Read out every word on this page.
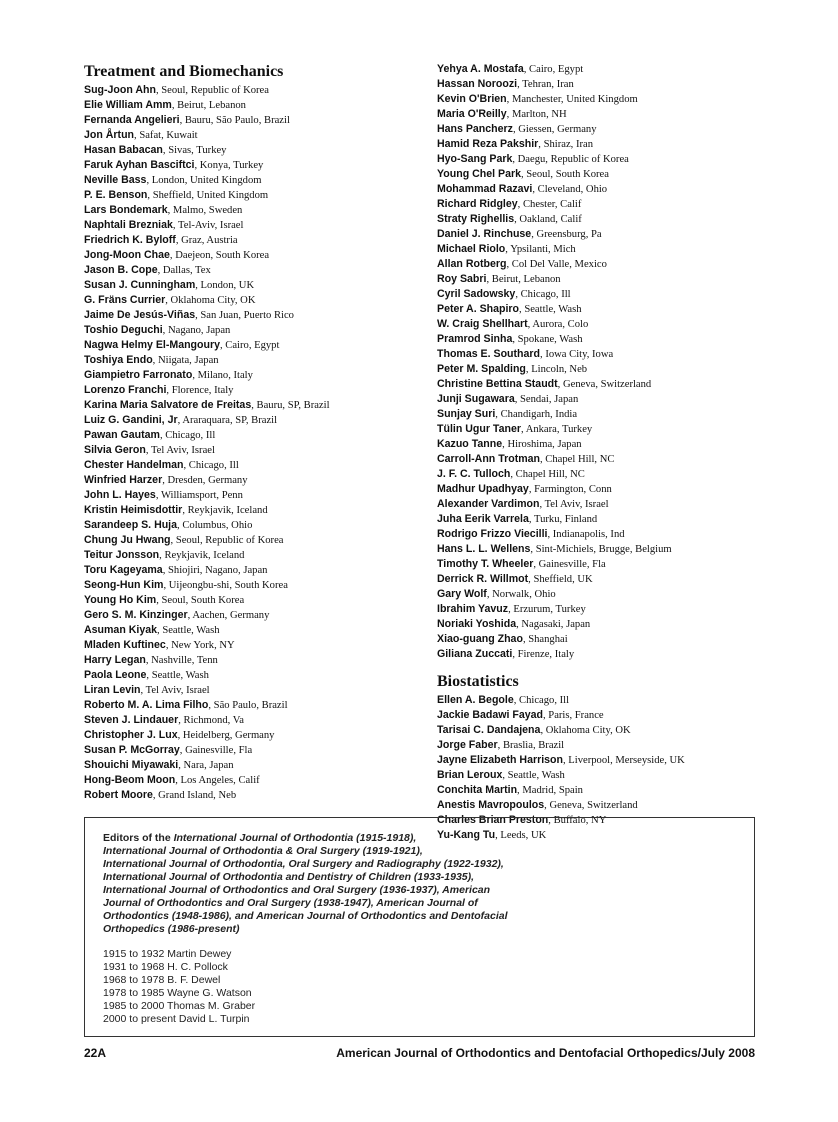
Treatment and Biomechanics
Sug-Joon Ahn, Seoul, Republic of Korea
Elie William Amm, Beirut, Lebanon
Fernanda Angelieri, Bauru, São Paulo, Brazil
Jon Årtun, Safat, Kuwait
Hasan Babacan, Sivas, Turkey
Faruk Ayhan Basciftci, Konya, Turkey
Neville Bass, London, United Kingdom
P. E. Benson, Sheffield, United Kingdom
Lars Bondemark, Malmo, Sweden
Naphtali Brezniak, Tel-Aviv, Israel
Friedrich K. Byloff, Graz, Austria
Jong-Moon Chae, Daejeon, South Korea
Jason B. Cope, Dallas, Tex
Susan J. Cunningham, London, UK
G. Fräns Currier, Oklahoma City, OK
Jaime De Jesús-Viñas, San Juan, Puerto Rico
Toshio Deguchi, Nagano, Japan
Nagwa Helmy El-Mangoury, Cairo, Egypt
Toshiya Endo, Niigata, Japan
Giampietro Farronato, Milano, Italy
Lorenzo Franchi, Florence, Italy
Karina Maria Salvatore de Freitas, Bauru, SP, Brazil
Luiz G. Gandini, Jr, Araraquara, SP, Brazil
Pawan Gautam, Chicago, Ill
Silvia Geron, Tel Aviv, Israel
Chester Handelman, Chicago, Ill
Winfried Harzer, Dresden, Germany
John L. Hayes, Williamsport, Penn
Kristin Heimisdottir, Reykjavik, Iceland
Sarandeep S. Huja, Columbus, Ohio
Chung Ju Hwang, Seoul, Republic of Korea
Teitur Jonsson, Reykjavik, Iceland
Toru Kageyama, Shiojiri, Nagano, Japan
Seong-Hun Kim, Uijeongbu-shi, South Korea
Young Ho Kim, Seoul, South Korea
Gero S. M. Kinzinger, Aachen, Germany
Asuman Kiyak, Seattle, Wash
Mladen Kuftinec, New York, NY
Harry Legan, Nashville, Tenn
Paola Leone, Seattle, Wash
Liran Levin, Tel Aviv, Israel
Roberto M. A. Lima Filho, São Paulo, Brazil
Steven J. Lindauer, Richmond, Va
Christopher J. Lux, Heidelberg, Germany
Susan P. McGorray, Gainesville, Fla
Shouichi Miyawaki, Nara, Japan
Hong-Beom Moon, Los Angeles, Calif
Robert Moore, Grand Island, Neb
Yehya A. Mostafa, Cairo, Egypt
Hassan Noroozi, Tehran, Iran
Kevin O'Brien, Manchester, United Kingdom
Maria O'Reilly, Marlton, NH
Hans Pancherz, Giessen, Germany
Hamid Reza Pakshir, Shiraz, Iran
Hyo-Sang Park, Daegu, Republic of Korea
Young Chel Park, Seoul, South Korea
Mohammad Razavi, Cleveland, Ohio
Richard Ridgley, Chester, Calif
Straty Righellis, Oakland, Calif
Daniel J. Rinchuse, Greensburg, Pa
Michael Riolo, Ypsilanti, Mich
Allan Rotberg, Col Del Valle, Mexico
Roy Sabri, Beirut, Lebanon
Cyril Sadowsky, Chicago, Ill
Peter A. Shapiro, Seattle, Wash
W. Craig Shellhart, Aurora, Colo
Pramrod Sinha, Spokane, Wash
Thomas E. Southard, Iowa City, Iowa
Peter M. Spalding, Lincoln, Neb
Christine Bettina Staudt, Geneva, Switzerland
Junji Sugawara, Sendai, Japan
Sunjay Suri, Chandigarh, India
Tülin Ugur Taner, Ankara, Turkey
Kazuo Tanne, Hiroshima, Japan
Carroll-Ann Trotman, Chapel Hill, NC
J. F. C. Tulloch, Chapel Hill, NC
Madhur Upadhyay, Farmington, Conn
Alexander Vardimon, Tel Aviv, Israel
Juha Eerik Varrela, Turku, Finland
Rodrigo Frizzo Viecilli, Indianapolis, Ind
Hans L. L. Wellens, Sint-Michiels, Brugge, Belgium
Timothy T. Wheeler, Gainesville, Fla
Derrick R. Willmot, Sheffield, UK
Gary Wolf, Norwalk, Ohio
Ibrahim Yavuz, Erzurum, Turkey
Noriaki Yoshida, Nagasaki, Japan
Xiao-guang Zhao, Shanghai
Giliana Zuccati, Firenze, Italy
Biostatistics
Ellen A. Begole, Chicago, Ill
Jackie Badawi Fayad, Paris, France
Tarisai C. Dandajena, Oklahoma City, OK
Jorge Faber, Braslìa, Brazil
Jayne Elizabeth Harrison, Liverpool, Merseyside, UK
Brian Leroux, Seattle, Wash
Conchita Martin, Madrid, Spain
Anestis Mavropoulos, Geneva, Switzerland
Charles Brian Preston, Buffalo, NY
Yu-Kang Tu, Leeds, UK
Editors of the International Journal of Orthodontia (1915-1918),
International Journal of Orthodontia & Oral Surgery (1919-1921),
International Journal of Orthodontia, Oral Surgery and Radiography (1922-1932),
International Journal of Orthodontia and Dentistry of Children (1933-1935),
International Journal of Orthodontics and Oral Surgery (1936-1937), American
Journal of Orthodontics and Oral Surgery (1938-1947), American Journal of
Orthodontics (1948-1986), and American Journal of Orthodontics and Dentofacial
Orthopedics (1986-present)
1915 to 1932 Martin Dewey
1931 to 1968 H. C. Pollock
1968 to 1978 B. F. Dewel
1978 to 1985 Wayne G. Watson
1985 to 2000 Thomas M. Graber
2000 to present David L. Turpin
22A	American Journal of Orthodontics and Dentofacial Orthopedics/July 2008
